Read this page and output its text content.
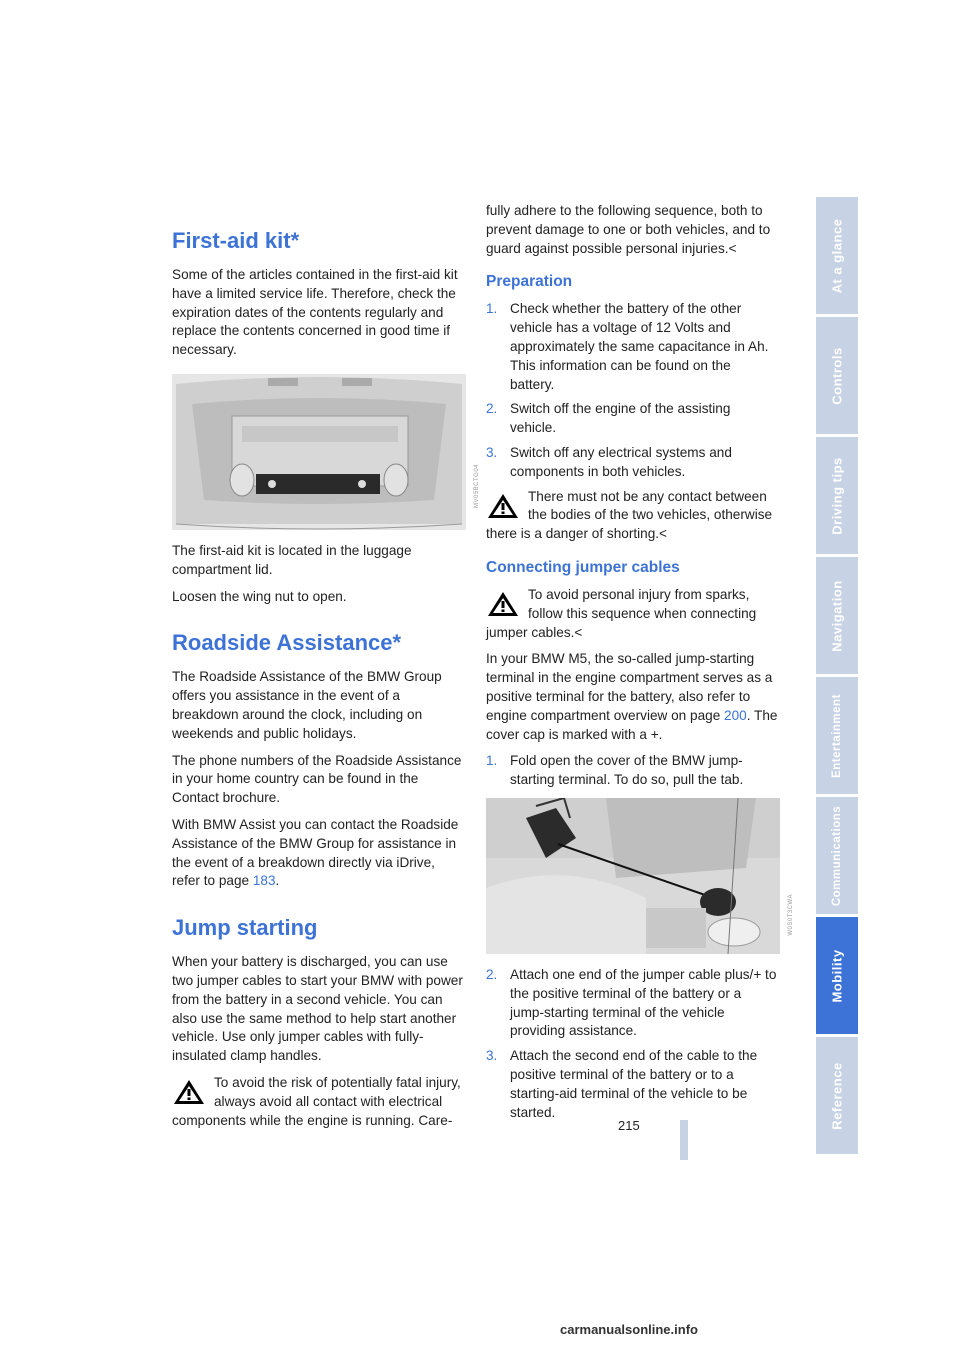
First-aid kit*

Some of the articles contained in the first-aid kit have a limited service life. Therefore, check the expiration dates of the contents regularly and replace the contents concerned in good time if necessary.

MV05BCTG04

The first-aid kit is located in the luggage compartment lid.

Loosen the wing nut to open.

Roadside Assistance*

The Roadside Assistance of the BMW Group offers you assistance in the event of a breakdown around the clock, including on weekends and public holidays.

The phone numbers of the Roadside Assistance in your home country can be found in the Contact brochure.

With BMW Assist you can contact the Roadside Assistance of the BMW Group for assistance in the event of a breakdown directly via iDrive, refer to page 183.

Jump starting

When your battery is discharged, you can use two jumper cables to start your BMW with power from the battery in a second vehicle. You can also use the same method to help start another vehicle. Use only jumper cables with fully-insulated clamp handles.

To avoid the risk of potentially fatal injury, always avoid all contact with electrical components while the engine is running. Care-

fully adhere to the following sequence, both to prevent damage to one or both vehicles, and to guard against possible personal injuries.<

Preparation
1. Check whether the battery of the other vehicle has a voltage of 12 Volts and approximately the same capacitance in Ah. This information can be found on the battery.
2. Switch off the engine of the assisting vehicle.
3. Switch off any electrical systems and components in both vehicles.
There must not be any contact between the bodies of the two vehicles, otherwise there is a danger of shorting.<
Connecting jumper cables
To avoid personal injury from sparks, follow this sequence when connecting jumper cables.<

In your BMW M5, the so-called jump-starting terminal in the engine compartment serves as a positive terminal for the battery, also refer to engine compartment overview on page 200. The cover cap is marked with a +.

1. Fold open the cover of the BMW jump-starting terminal. To do so, pull the tab.
W0S0T3CWA
2. Attach one end of the jumper cable plus/+ to the positive terminal of the battery or a jump-starting terminal of the vehicle providing assistance.
3. Attach the second end of the cable to the positive terminal of the battery or to a starting-aid terminal of the vehicle to be started.
At a glance
Controls
Driving tips
Navigation
Entertainment
Communications
Mobility
Reference
215
carmanualsonline.info
